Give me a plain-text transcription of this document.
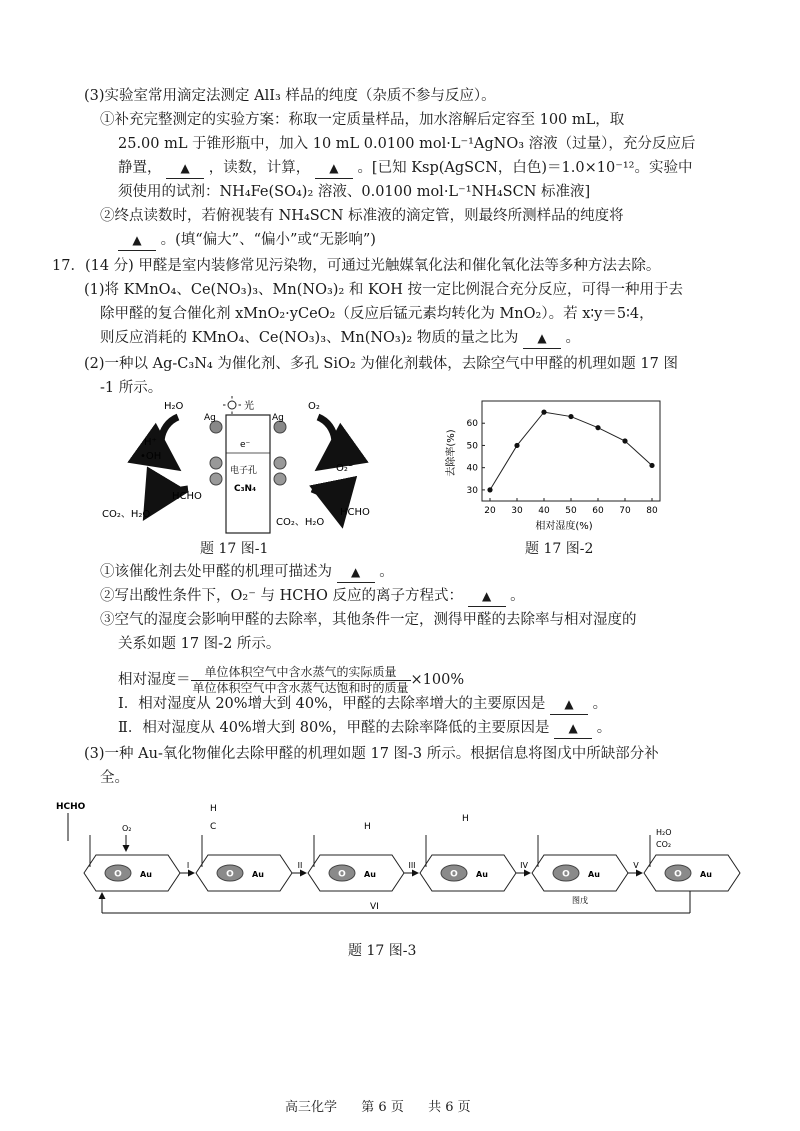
(3)实验室常用滴定法测定 AlI₃ 样品的纯度（杂质不参与反应）。
①补充完整测定的实验方案：称取一定质量样品，加水溶解后定容至 100 mL，取
25.00 mL 于锥形瓶中，加入 10 mL 0.0100 mol·L⁻¹AgNO₃ 溶液（过量），充分反应后
静置， ▲ ，读数，计算， ▲ 。[已知 Ksp(AgSCN，白色)＝1.0×10⁻¹²。实验中
须使用的试剂：NH₄Fe(SO₄)₂ 溶液、0.0100 mol·L⁻¹NH₄SCN 标准液]
②终点读数时，若俯视装有 NH₄SCN 标准液的滴定管，则最终所测样品的纯度将
▲ 。(填“偏大”、“偏小”或“无影响”)
17．(14 分) 甲醛是室内装修常见污染物，可通过光触媒氧化法和催化氧化法等多种方法去除。
(1)将 KMnO₄、Ce(NO₃)₃、Mn(NO₃)₂ 和 KOH 按一定比例混合充分反应，可得一种用于去
除甲醛的复合催化剂 xMnO₂·yCeO₂（反应后锰元素均转化为 MnO₂）。若 x∶y＝5∶4，
则反应消耗的 KMnO₄、Ce(NO₃)₃、Mn(NO₃)₂ 物质的量之比为 ▲ 。
(2)一种以 Ag-C₃N₄ 为催化剂、多孔 SiO₂ 为催化剂载体，去除空气中甲醛的机理如题 17 图
-1 所示。
光
Ag	Ag
e⁻
电子孔
C₃N₄
H₂O	O₂
H⁺
•OH
O₂⁻
HCHO
HCHO
CO₂、H₂O
CO₂、H₂O
题 17 图-1
20 30 40 50 60 70 80
30
40
50
60
相对湿度(%)
去除率(%)
题 17 图-2
①该催化剂去处甲醛的机理可描述为 ▲ 。
②写出酸性条件下，O₂⁻ 与 HCHO 反应的离子方程式： ▲ 。
③空气的湿度会影响甲醛的去除率，其他条件一定，测得甲醛的去除率与相对湿度的
关系如题 17 图-2 所示。
相对湿度＝ $\frac{\text{单位体积空气中含水蒸气的实际质量}}{\text{单位体积空气中含水蒸气达饱和时的质量}} \times 100\%$
Ⅰ．相对湿度从 20%增大到 40%，甲醛的去除率增大的主要原因是 ▲ 。
Ⅱ．相对湿度从 40%增大到 80%，甲醛的去除率降低的主要原因是 ▲ 。
(3)一种 Au-氧化物催化去除甲醛的机理如题 17 图-3 所示。根据信息将图戊中所缺部分补
全。
O Au
I
O Au
II
O Au
III
O Au
IV
O Au
V
图戊
O Au
HCHO
O₂
H
C	H
H
H₂O
CO₂
VI
题 17 图-3
高三化学 第 6 页 共 6 页
